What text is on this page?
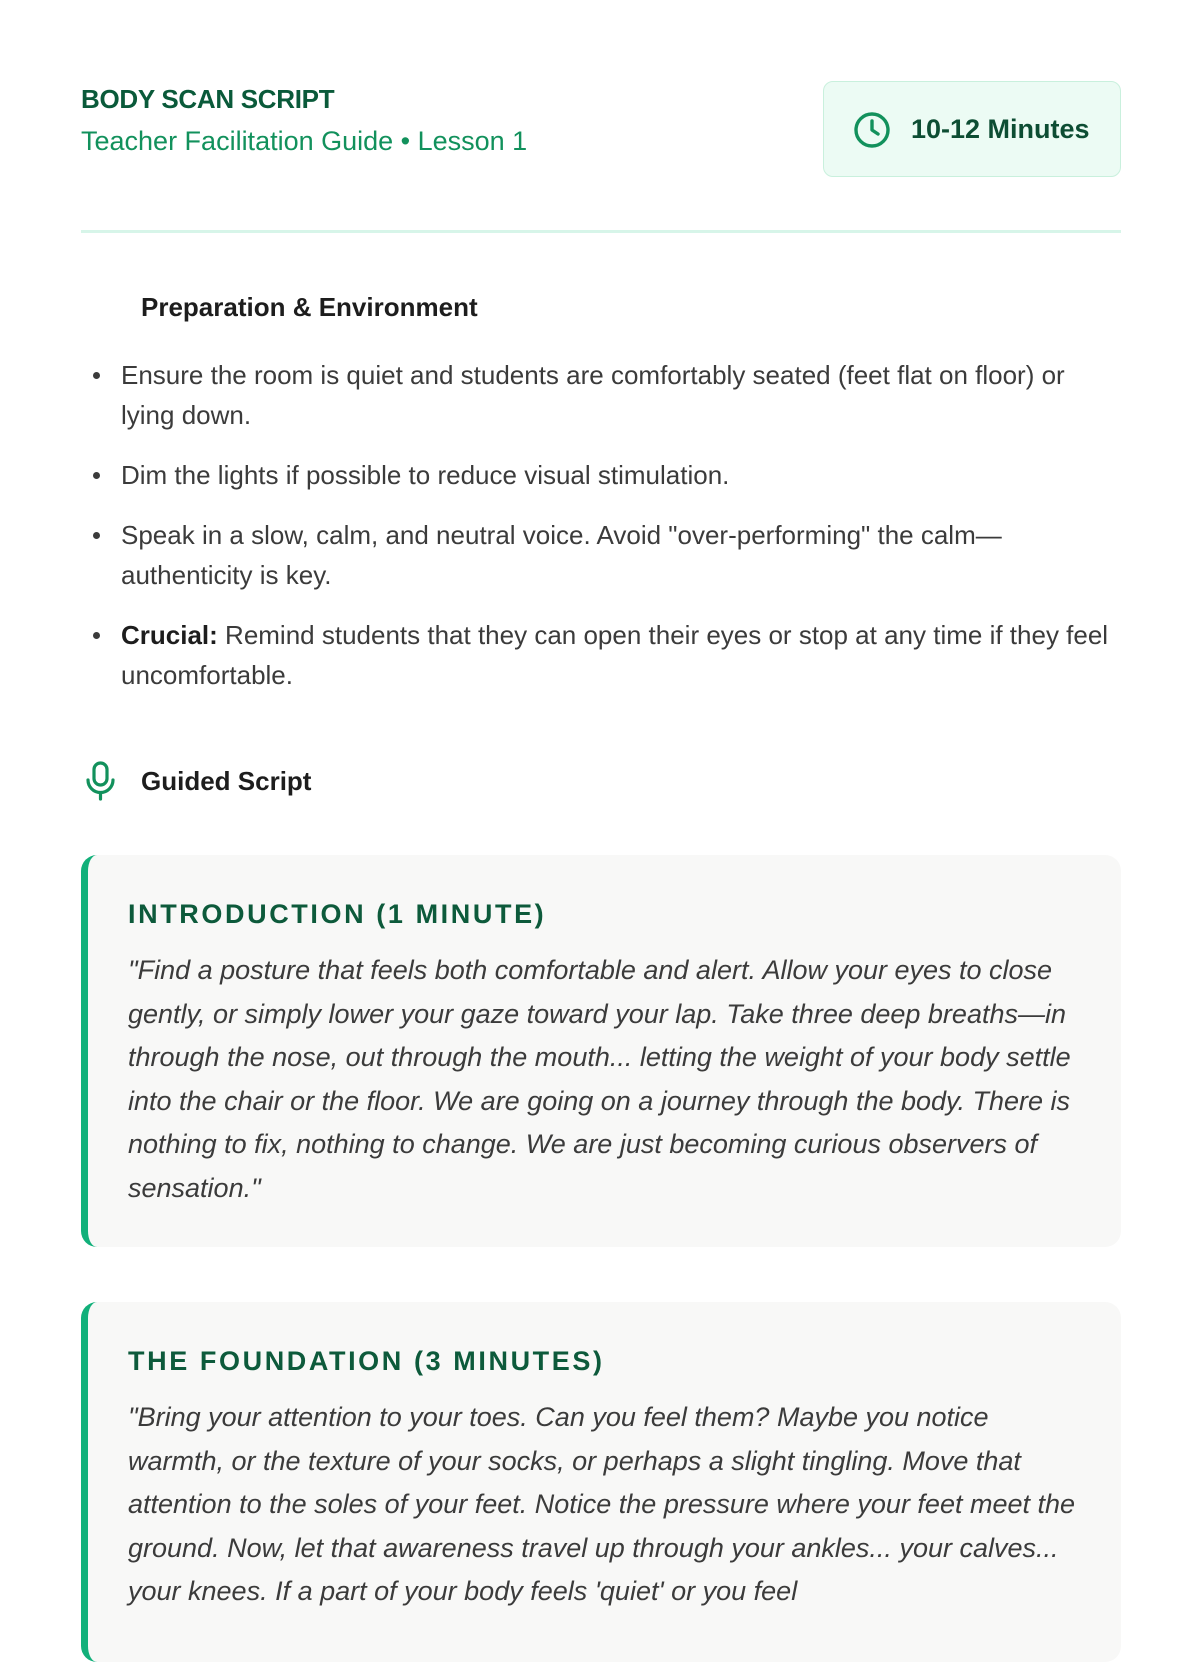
BODY SCAN SCRIPT
Teacher Facilitation Guide • Lesson 1	10-12 Minutes
Preparation & Environment
Ensure the room is quiet and students are comfortably seated (feet flat on floor) or lying down.
Dim the lights if possible to reduce visual stimulation.
Speak in a slow, calm, and neutral voice. Avoid "over-performing" the calm—authenticity is key.
Crucial: Remind students that they can open their eyes or stop at any time if they feel uncomfortable.
Guided Script
INTRODUCTION (1 MINUTE)

"Find a posture that feels both comfortable and alert. Allow your eyes to close gently, or simply lower your gaze toward your lap. Take three deep breaths—in through the nose, out through the mouth... letting the weight of your body settle into the chair or the floor. We are going on a journey through the body. There is nothing to fix, nothing to change. We are just becoming curious observers of sensation."

THE FOUNDATION (3 MINUTES)

"Bring your attention to your toes. Can you feel them? Maybe you notice warmth, or the texture of your socks, or perhaps a slight tingling. Move that attention to the soles of your feet. Notice the pressure where your feet meet the ground. Now, let that awareness travel up through your ankles... your calves... your knees. If a part of your body feels 'quiet' or you feel
